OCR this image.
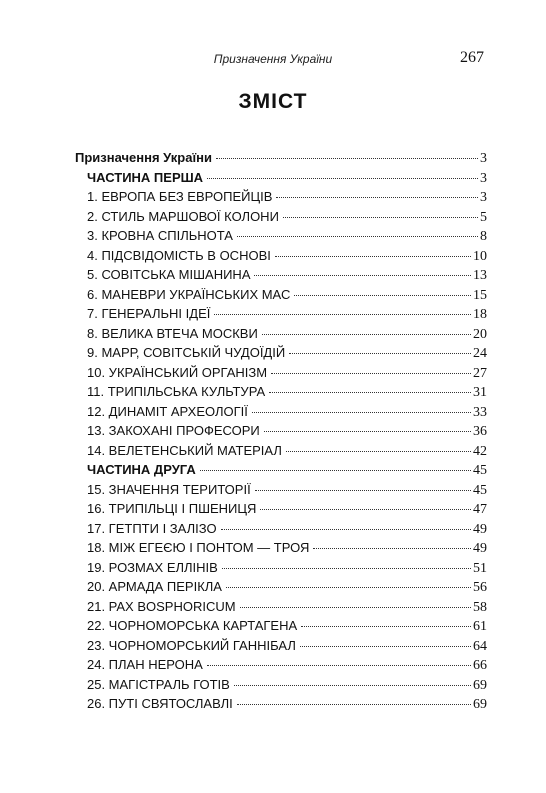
Призначення України	267
ЗМІСТ
Призначення України	3
ЧАСТИНА ПЕРША	3
1. ЕВРОПА БЕЗ ЕВРОПЕЙЦІВ	3
2. СТИЛЬ МАРШОВОЇ КОЛОНИ	5
3. КРОВНА СПІЛЬНОТА	8
4. ПІДСВІДОМІСТЬ В ОСНОВІ	10
5. СОВІТСЬКА МІШАНИНА	13
6. МАНЕВРИ УКРАЇНСЬКИХ МАС	15
7. ГЕНЕРАЛЬНІ ІДЕЇ	18
8. ВЕЛИКА ВТЕЧА МОСКВИ	20
9. МАРР, СОВІТСЬКІЙ ЧУДОЇДІЙ	24
10. УКРАЇНСЬКИЙ ОРГАНІЗМ	27
11. ТРИПІЛЬСЬКА КУЛЬТУРА	31
12. ДИНАМІТ АРХЕОЛОГІЇ	33
13. ЗАКОХАНІ ПРОФЕСОРИ	36
14. ВЕЛЕТЕНСЬКИЙ МАТЕРІАЛ	42
ЧАСТИНА ДРУГА	45
15. ЗНАЧЕННЯ ТЕРИТОРІЇ	45
16. ТРИПІЛЬЦІ І ПШЕНИЦЯ	47
17. ГЕТПТИ І ЗАЛІЗО	49
18. МІЖ ЕГЕЄЮ І ПОНТОМ — ТРОЯ	49
19. РОЗМАХ ЕЛЛІНІВ	51
20. АРМАДА ПЕРІКЛА	56
21. PAX BOSPHORICUM	58
22. ЧОРНОМОРСЬКА КАРТАГЕНА	61
23. ЧОРНОМОРСЬКИЙ ГАННІБАЛ	64
24. ПЛАН НЕРОНА	66
25. МАГІСТРАЛЬ ГОТІВ	69
26. ПУТІ СВЯТОСЛАВЛІ	69
